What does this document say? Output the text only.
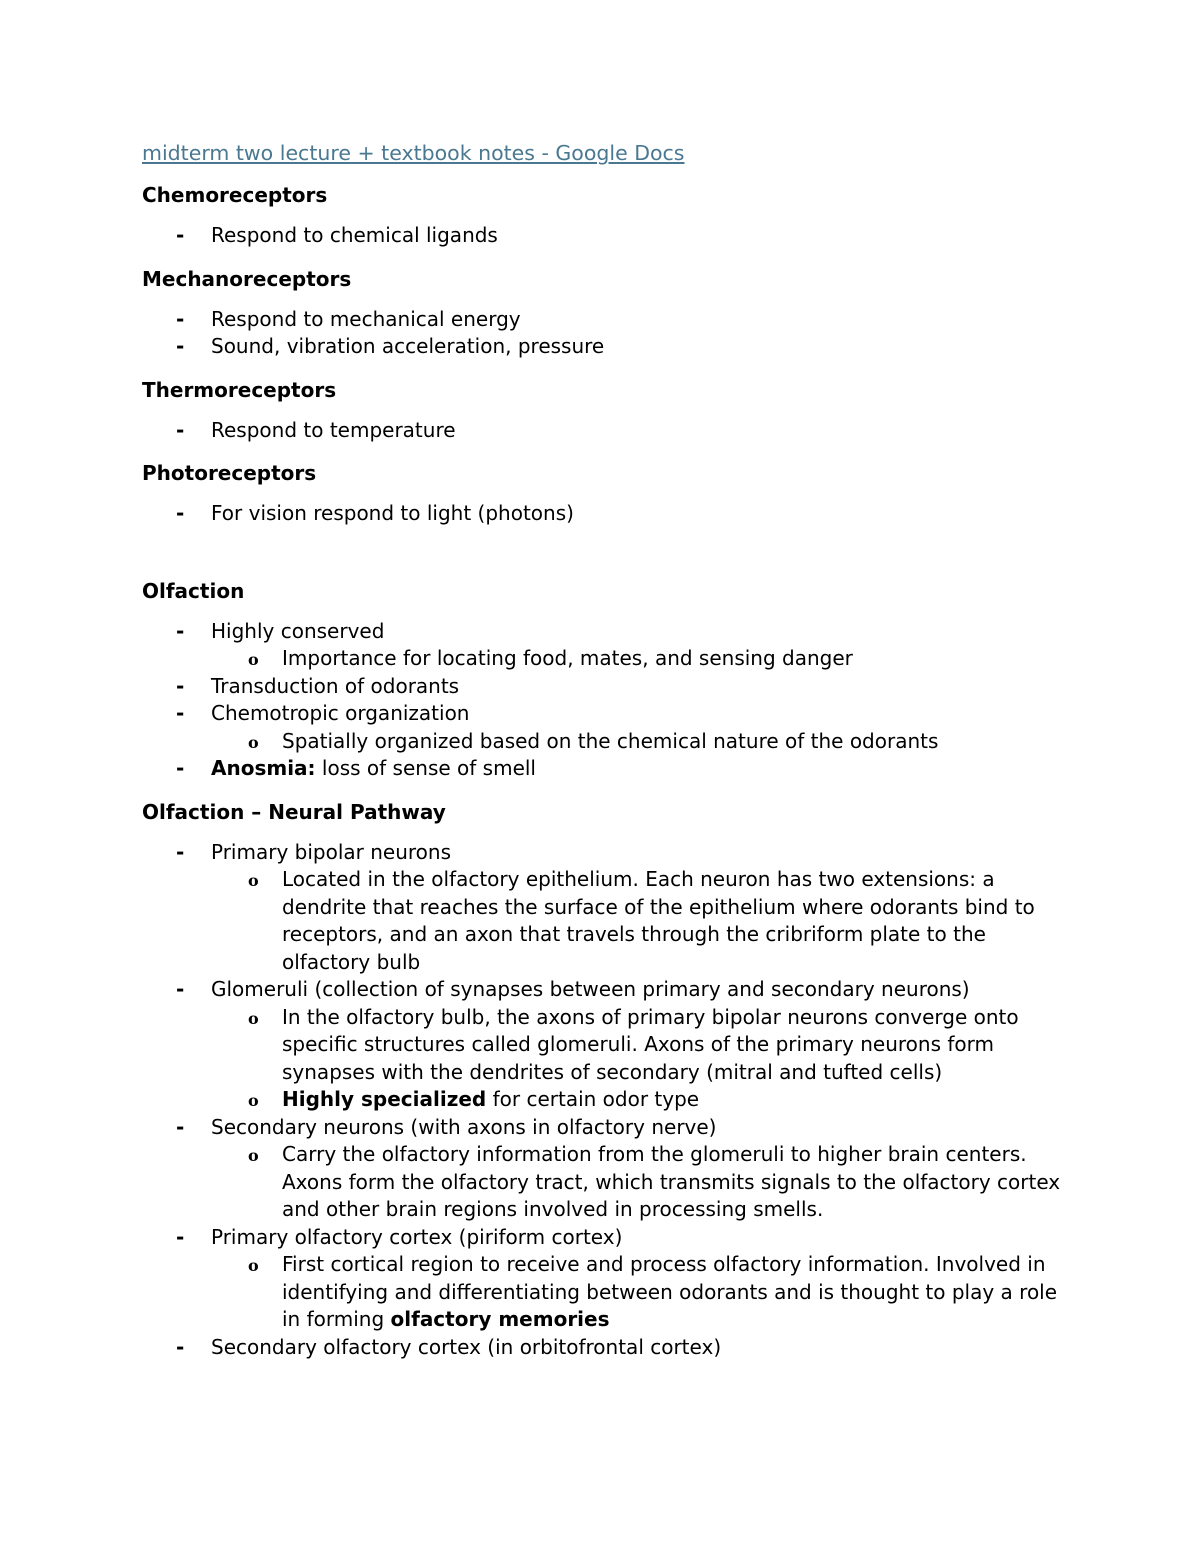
midterm two lecture + textbook notes - Google Docs
Chemoreceptors
- Respond to chemical ligands
Mechanoreceptors
- Respond to mechanical energy
- Sound, vibration acceleration, pressure
Thermoreceptors
- Respond to temperature
Photoreceptors
- For vision respond to light (photons)
Olfaction
- Highly conserved
o Importance for locating food, mates, and sensing danger
- Transduction of odorants
- Chemotropic organization
o Spatially organized based on the chemical nature of the odorants
- Anosmia: loss of sense of smell
Olfaction – Neural Pathway
- Primary bipolar neurons
o Located in the olfactory epithelium. Each neuron has two extensions: a dendrite that reaches the surface of the epithelium where odorants bind to receptors, and an axon that travels through the cribriform plate to the olfactory bulb
- Glomeruli (collection of synapses between primary and secondary neurons)
o In the olfactory bulb, the axons of primary bipolar neurons converge onto specific structures called glomeruli. Axons of the primary neurons form synapses with the dendrites of secondary (mitral and tufted cells)
o Highly specialized for certain odor type
- Secondary neurons (with axons in olfactory nerve)
o Carry the olfactory information from the glomeruli to higher brain centers. Axons form the olfactory tract, which transmits signals to the olfactory cortex and other brain regions involved in processing smells.
- Primary olfactory cortex (piriform cortex)
o First cortical region to receive and process olfactory information. Involved in identifying and differentiating between odorants and is thought to play a role in forming olfactory memories
- Secondary olfactory cortex (in orbitofrontal cortex)
